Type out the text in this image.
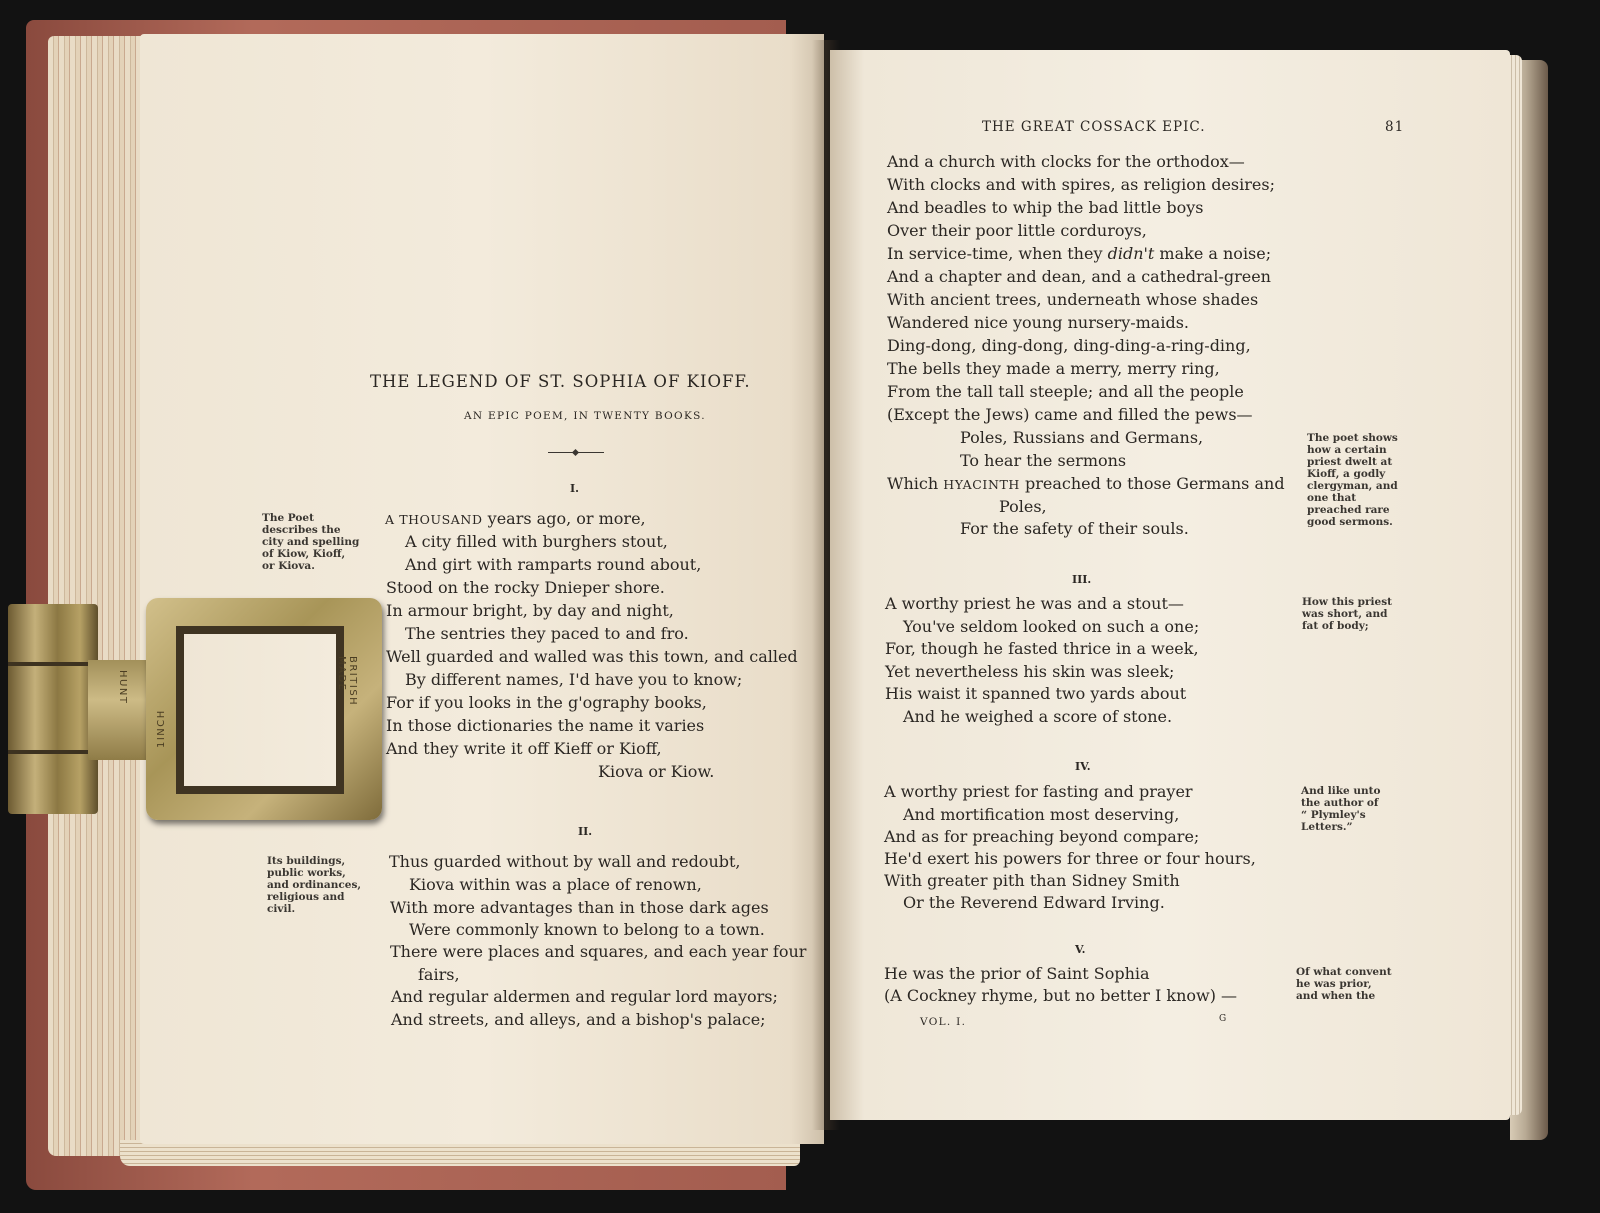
THE LEGEND OF ST. SOPHIA OF KIOFF.
AN EPIC POEM, IN TWENTY BOOKS.
I.
The Poet
describes the
city and spelling
of Kiow, Kioff,
or Kiova.
A THOUSAND years ago, or more,
A city filled with burghers stout,
And girt with ramparts round about,
Stood on the rocky Dnieper shore.
In armour bright, by day and night,
The sentries they paced to and fro.
Well guarded and walled was this town, and called
By different names, I'd have you to know;
For if you looks in the g'ography books,
In those dictionaries the name it varies
And they write it off Kieff or Kioff,
Kiova or Kiow.
II.
Its buildings,
public works,
and ordinances,
religious and
civil.
Thus guarded without by wall and redoubt,
Kiova within was a place of renown,
With more advantages than in those dark ages
Were commonly known to belong to a town.
There were places and squares, and each year four
fairs,
And regular aldermen and regular lord mayors;
And streets, and alleys, and a bishop's palace;
THE GREAT COSSACK EPIC.	81
And a church with clocks for the orthodox—
With clocks and with spires, as religion desires;
And beadles to whip the bad little boys
Over their poor little corduroys,
In service-time, when they didn't make a noise;
And a chapter and dean, and a cathedral-green
With ancient trees, underneath whose shades
Wandered nice young nursery-maids.
Ding-dong, ding-dong, ding-ding-a-ring-ding,
The bells they made a merry, merry ring,
From the tall tall steeple; and all the people
(Except the Jews) came and filled the pews—
Poles, Russians and Germans,
To hear the sermons
Which HYACINTH preached to those Germans and
Poles,
For the safety of their souls.
The poet shows
how a certain
priest dwelt at
Kioff, a godly
clergyman, and
one that
preached rare
good sermons.
III.
A worthy priest he was and a stout—
You've seldom looked on such a one;
For, though he fasted thrice in a week,
Yet nevertheless his skin was sleek;
His waist it spanned two yards about
And he weighed a score of stone.
How this priest
was short, and
fat of body;
IV.
A worthy priest for fasting and prayer
And mortification most deserving,
And as for preaching beyond compare;
He'd exert his powers for three or four hours,
With greater pith than Sidney Smith
Or the Reverend Edward Irving.
And like unto
the author of
“ Plymley's
Letters.”
V.
He was the prior of Saint Sophia
(A Cockney rhyme, but no better I know) —
Of what convent
he was prior,
and when the
VOL. I.	G
BRITISH MADE
1INCH
HUNT
